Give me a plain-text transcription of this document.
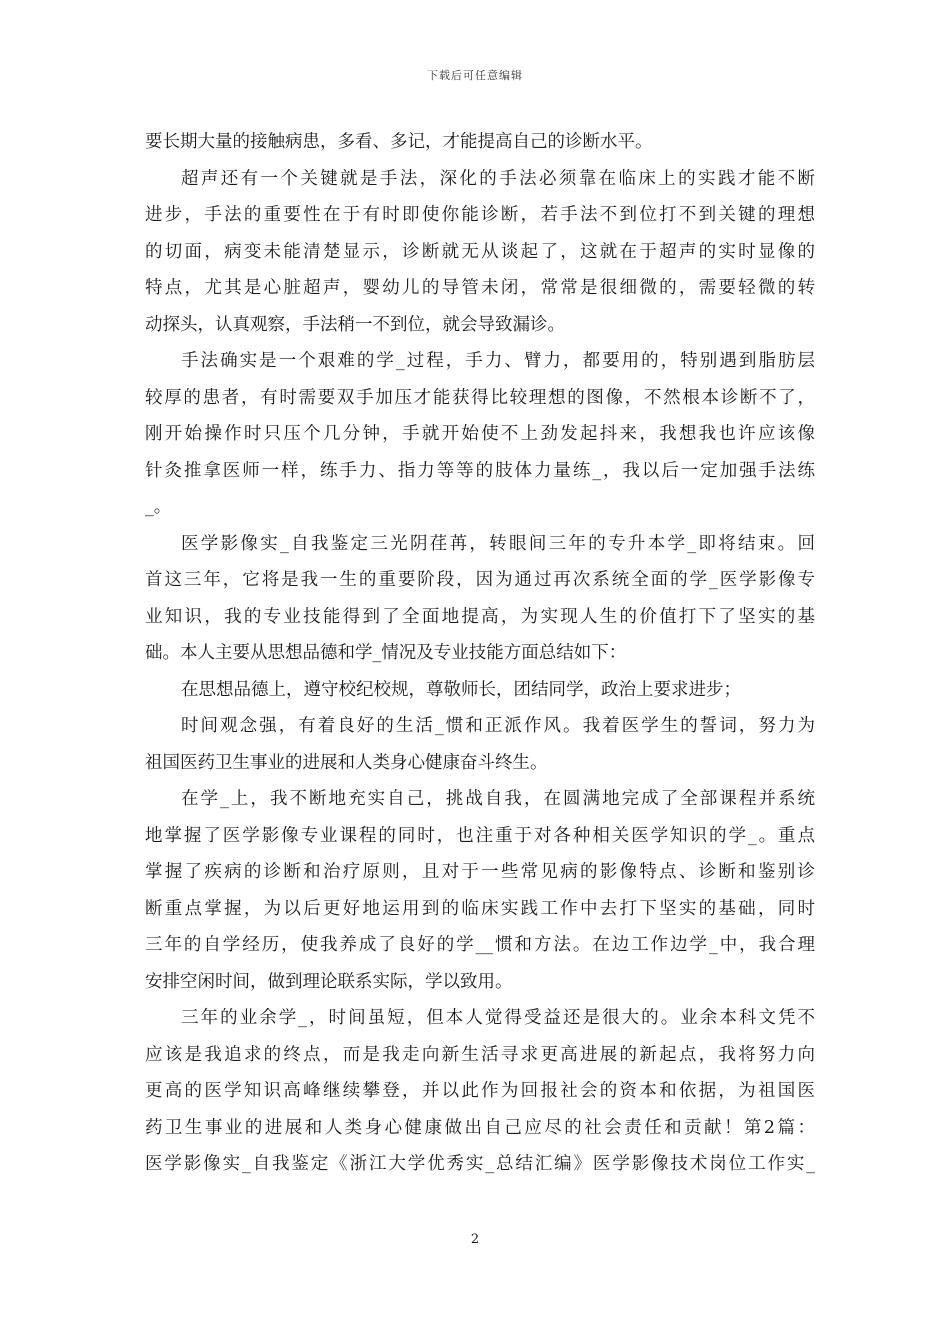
下载后可任意编辑
要长期大量的接触病患，多看、多记，才能提高自己的诊断水平。
超声还有一个关键就是手法，深化的手法必须靠在临床上的实践才能不断
进步，手法的重要性在于有时即使你能诊断，若手法不到位打不到关键的理想
的切面，病变未能清楚显示，诊断就无从谈起了，这就在于超声的实时显像的
特点，尤其是心脏超声，婴幼儿的导管未闭，常常是很细微的，需要轻微的转
动探头，认真观察，手法稍一不到位，就会导致漏诊。
手法确实是一个艰难的学_过程，手力、臂力，都要用的，特别遇到脂肪层
较厚的患者，有时需要双手加压才能获得比较理想的图像，不然根本诊断不了，
刚开始操作时只压个几分钟，手就开始使不上劲发起抖来，我想我也许应该像
针灸推拿医师一样，练手力、指力等等的肢体力量练_，我以后一定加强手法练
_。
医学影像实_自我鉴定三光阴荏苒，转眼间三年的专升本学_即将结束。回
首这三年，它将是我一生的重要阶段，因为通过再次系统全面的学_医学影像专
业知识，我的专业技能得到了全面地提高，为实现人生的价值打下了坚实的基
础。本人主要从思想品德和学_情况及专业技能方面总结如下：
在思想品德上，遵守校纪校规，尊敬师长，团结同学，政治上要求进步；
时间观念强，有着良好的生活_惯和正派作风。我着医学生的誓词，努力为
祖国医药卫生事业的进展和人类身心健康奋斗终生。
在学_上，我不断地充实自己，挑战自我，在圆满地完成了全部课程并系统
地掌握了医学影像专业课程的同时，也注重于对各种相关医学知识的学_。重点
掌握了疾病的诊断和治疗原则，且对于一些常见病的影像特点、诊断和鉴别诊
断重点掌握，为以后更好地运用到的临床实践工作中去打下坚实的基础，同时
三年的自学经历，使我养成了良好的学__惯和方法。在边工作边学_中，我合理
安排空闲时间，做到理论联系实际，学以致用。
三年的业余学_，时间虽短，但本人觉得受益还是很大的。业余本科文凭不
应该是我追求的终点，而是我走向新生活寻求更高进展的新起点，我将努力向
更高的医学知识高峰继续攀登，并以此作为回报社会的资本和依据，为祖国医
药卫生事业的进展和人类身心健康做出自己应尽的社会责任和贡献！第2篇：
医学影像实_自我鉴定《浙江大学优秀实_总结汇编》医学影像技术岗位工作实_
2
